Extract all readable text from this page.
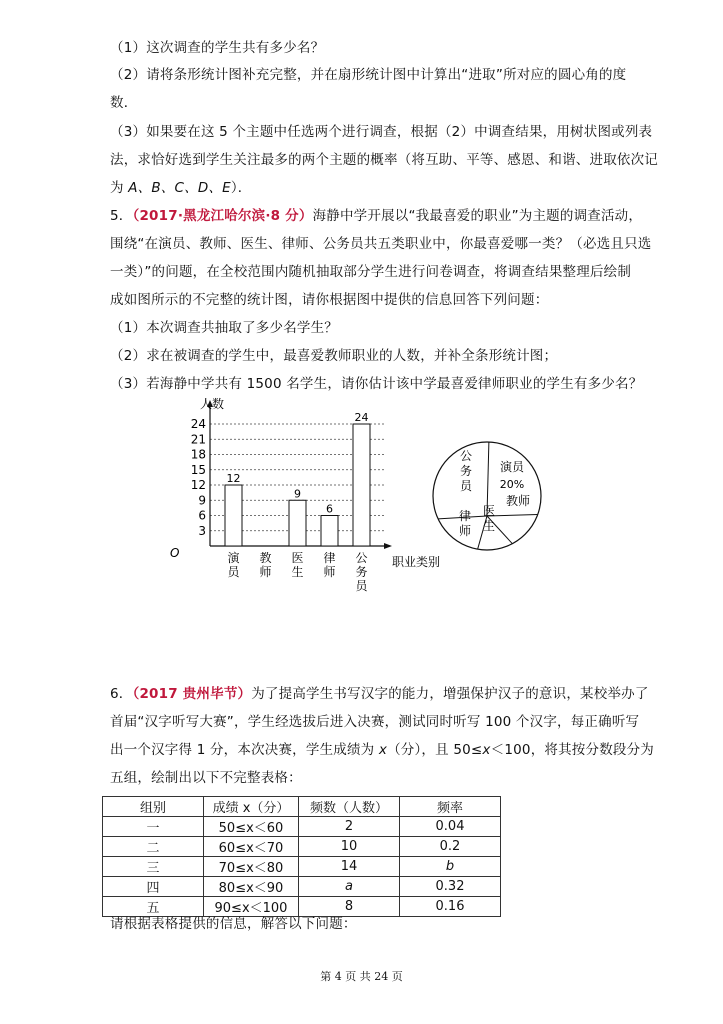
（1）这次调查的学生共有多少名？
（2）请将条形统计图补充完整，并在扇形统计图中计算出“进取”所对应的圆心角的度
数．
（3）如果要在这 5 个主题中任选两个进行调查，根据（2）中调查结果，用树状图或列表
法，求恰好选到学生关注最多的两个主题的概率（将互助、平等、感恩、和谐、进取依次记
为 A、B、C、D、E）．
5．（2017·黑龙江哈尔滨·8 分）海静中学开展以“我最喜爱的职业”为主题的调查活动，
围绕“在演员、教师、医生、律师、公务员共五类职业中，你最喜爱哪一类？（必选且只选
一类）”的问题，在全校范围内随机抽取部分学生进行问卷调查，将调查结果整理后绘制
成如图所示的不完整的统计图，请你根据图中提供的信息回答下列问题：
（1）本次调查共抽取了多少名学生？
（2）求在被调查的学生中，最喜爱教师职业的人数，并补全条形统计图；
（3）若海静中学共有 1500 名学生，请你估计该中学最喜爱律师职业的学生有多少名？
3
6
9
12
15
18
21
24
人数
职业类别
O
12
演员
教师
9
医生
6
律师
24
公务员
公务员
演员
20%
教师
医生
律师
6．（2017 贵州毕节）为了提高学生书写汉字的能力，增强保护汉子的意识，某校举办了
首届“汉字听写大赛”，学生经选拔后进入决赛，测试同时听写 100 个汉字，每正确听写
出一个汉字得 1 分，本次决赛，学生成绩为 x（分），且 50≤x＜100，将其按分数段分为
五组，绘制出以下不完整表格：
组别	成绩 x（分）	频数（人数）	频率
一	50≤x＜60	2	0.04
二	60≤x＜70	10	0.2
三	70≤x＜80	14	b
四	80≤x＜90	a	0.32
五	90≤x＜100	8	0.16
请根据表格提供的信息，解答以下问题：
第 4 页 共 24 页
